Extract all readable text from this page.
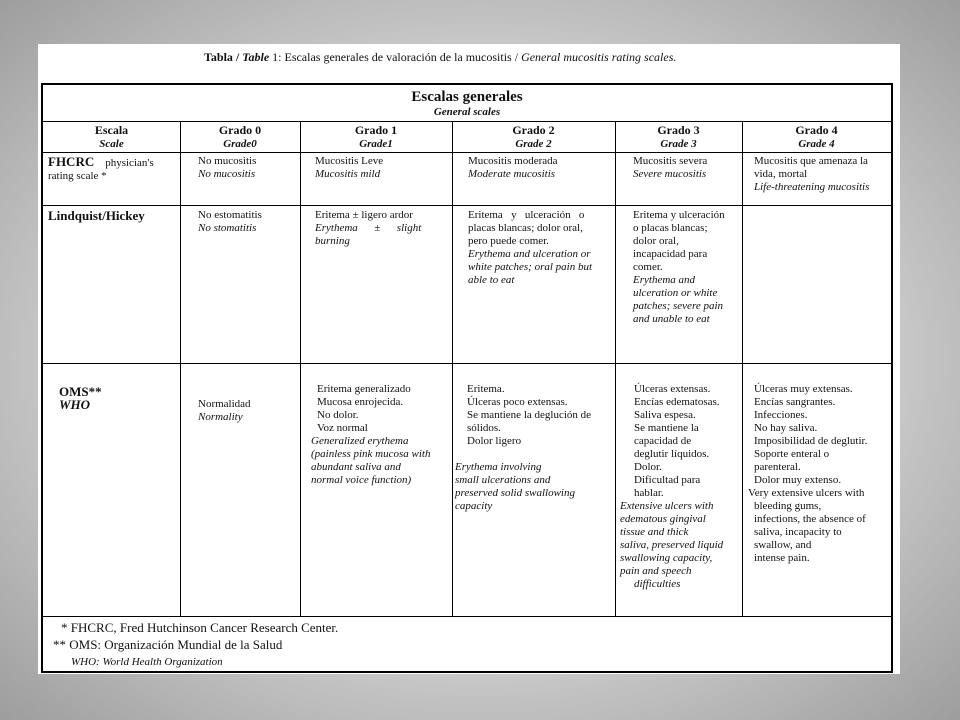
Tabla / Table 1: Escalas generales de valoración de la mucositis / General mucositis rating scales.
Escalas generales
General scales
Escala
Scale
Grado 0
Grade0
Grado 1
Grade1
Grado 2
Grade 2
Grado 3
Grade 3
Grado 4
Grade 4
FHCRC physician's
rating scale *
No mucositis
No mucositis
Mucositis Leve
Mucositis mild
Mucositis moderada
Moderate mucositis
Mucositis severa
Severe mucositis
Mucositis que amenaza la
vida, mortal
Life-threatening mucositis
Lindquist/Hickey	No estomatitis
No stomatitis
Eritema ± ligero ardor
Erythema      ±      slight
burning
Eritema   y   ulceración   o
placas blancas; dolor oral,
pero puede comer.
Erythema and ulceration or
white patches; oral pain but
able to eat
Eritema y ulceración
o placas blancas;
dolor oral,
incapacidad para
comer.
Erythema and
ulceration or white
patches; severe pain
and unable to eat
OMS**
WHO	Normalidad
Normality
Eritema generalizado
Mucosa enrojecida.
No dolor.
Voz normal
Generalized erythema
(painless pink mucosa with
abundant saliva and
normal voice function)
Eritema.
Úlceras poco extensas.
Se mantiene la deglución de
sólidos.
Dolor ligero
Erythema involving
small ulcerations and
preserved solid swallowing
capacity
Úlceras extensas.
Encías edematosas.
Saliva espesa.
Se mantiene la
capacidad de
deglutir líquidos.
Dolor.
Dificultad para
hablar.
Extensive ulcers with
edematous gingival
tissue and thick
saliva, preserved liquid
swallowing capacity,
pain and speech
difficulties
Úlceras muy extensas.
Encías sangrantes.
Infecciones.
No hay saliva.
Imposibilidad de deglutir.
Soporte enteral o
parenteral.
Dolor muy extenso.
Very extensive ulcers with
bleeding gums,
infections, the absence of
saliva, incapacity to
swallow, and
intense pain.
* FHCRC, Fred Hutchinson Cancer Research Center.
** OMS: Organización Mundial de la Salud
WHO: World Health Organization
